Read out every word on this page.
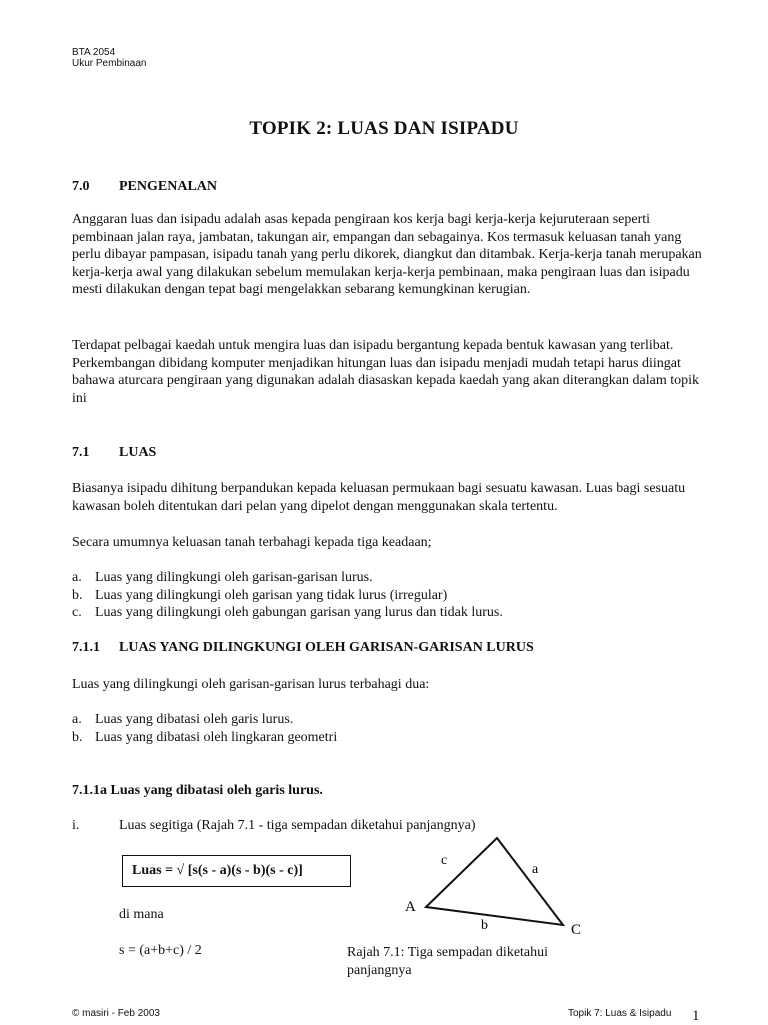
BTA 2054
Ukur Pembinaan
TOPIK 2: LUAS DAN ISIPADU
7.0 PENGENALAN
Anggaran luas dan isipadu adalah asas kepada pengiraan kos kerja bagi kerja-kerja kejuruteraan seperti pembinaan jalan raya, jambatan, takungan air, empangan dan sebagainya. Kos termasuk keluasan tanah yang perlu dibayar pampasan, isipadu tanah yang perlu dikorek, diangkut dan ditambak. Kerja-kerja tanah merupakan kerja-kerja awal yang dilakukan sebelum memulakan kerja-kerja pembinaan, maka pengiraan luas dan isipadu mesti dilakukan dengan tepat bagi mengelakkan sebarang kemungkinan kerugian.
Terdapat pelbagai kaedah untuk mengira luas dan isipadu bergantung kepada bentuk kawasan yang terlibat. Perkembangan dibidang komputer menjadikan hitungan luas dan isipadu menjadi mudah tetapi harus diingat bahawa aturcara pengiraan yang digunakan adalah diasaskan kepada kaedah yang akan diterangkan dalam topik ini
7.1 LUAS
Biasanya isipadu dihitung berpandukan kepada keluasan permukaan bagi sesuatu kawasan. Luas bagi sesuatu kawasan boleh ditentukan dari pelan yang dipelot dengan menggunakan skala tertentu.
Secara umumnya keluasan tanah terbahagi kepada tiga keadaan;
a. Luas yang dilingkungi oleh garisan-garisan lurus.
b. Luas yang dilingkungi oleh garisan yang tidak lurus (irregular)
c. Luas yang dilingkungi oleh gabungan garisan yang lurus dan tidak lurus.
7.1.1 LUAS YANG DILINGKUNGI OLEH GARISAN-GARISAN LURUS
Luas yang dilingkungi oleh garisan-garisan lurus terbahagi dua:
a. Luas yang dibatasi oleh garis lurus.
b. Luas yang dibatasi oleh lingkaran geometri
7.1.1a Luas yang dibatasi oleh garis lurus.
i.	Luas segitiga (Rajah 7.1 - tiga sempadan diketahui panjangnya)
Luas = √ [s(s - a)(s - b)(s - c)]
di mana
s = (a+b+c) / 2
c
a
A
b	C
Rajah 7.1: Tiga sempadan diketahui panjangnya
© masiri - Feb 2003	Topik 7: Luas & Isipadu 1
